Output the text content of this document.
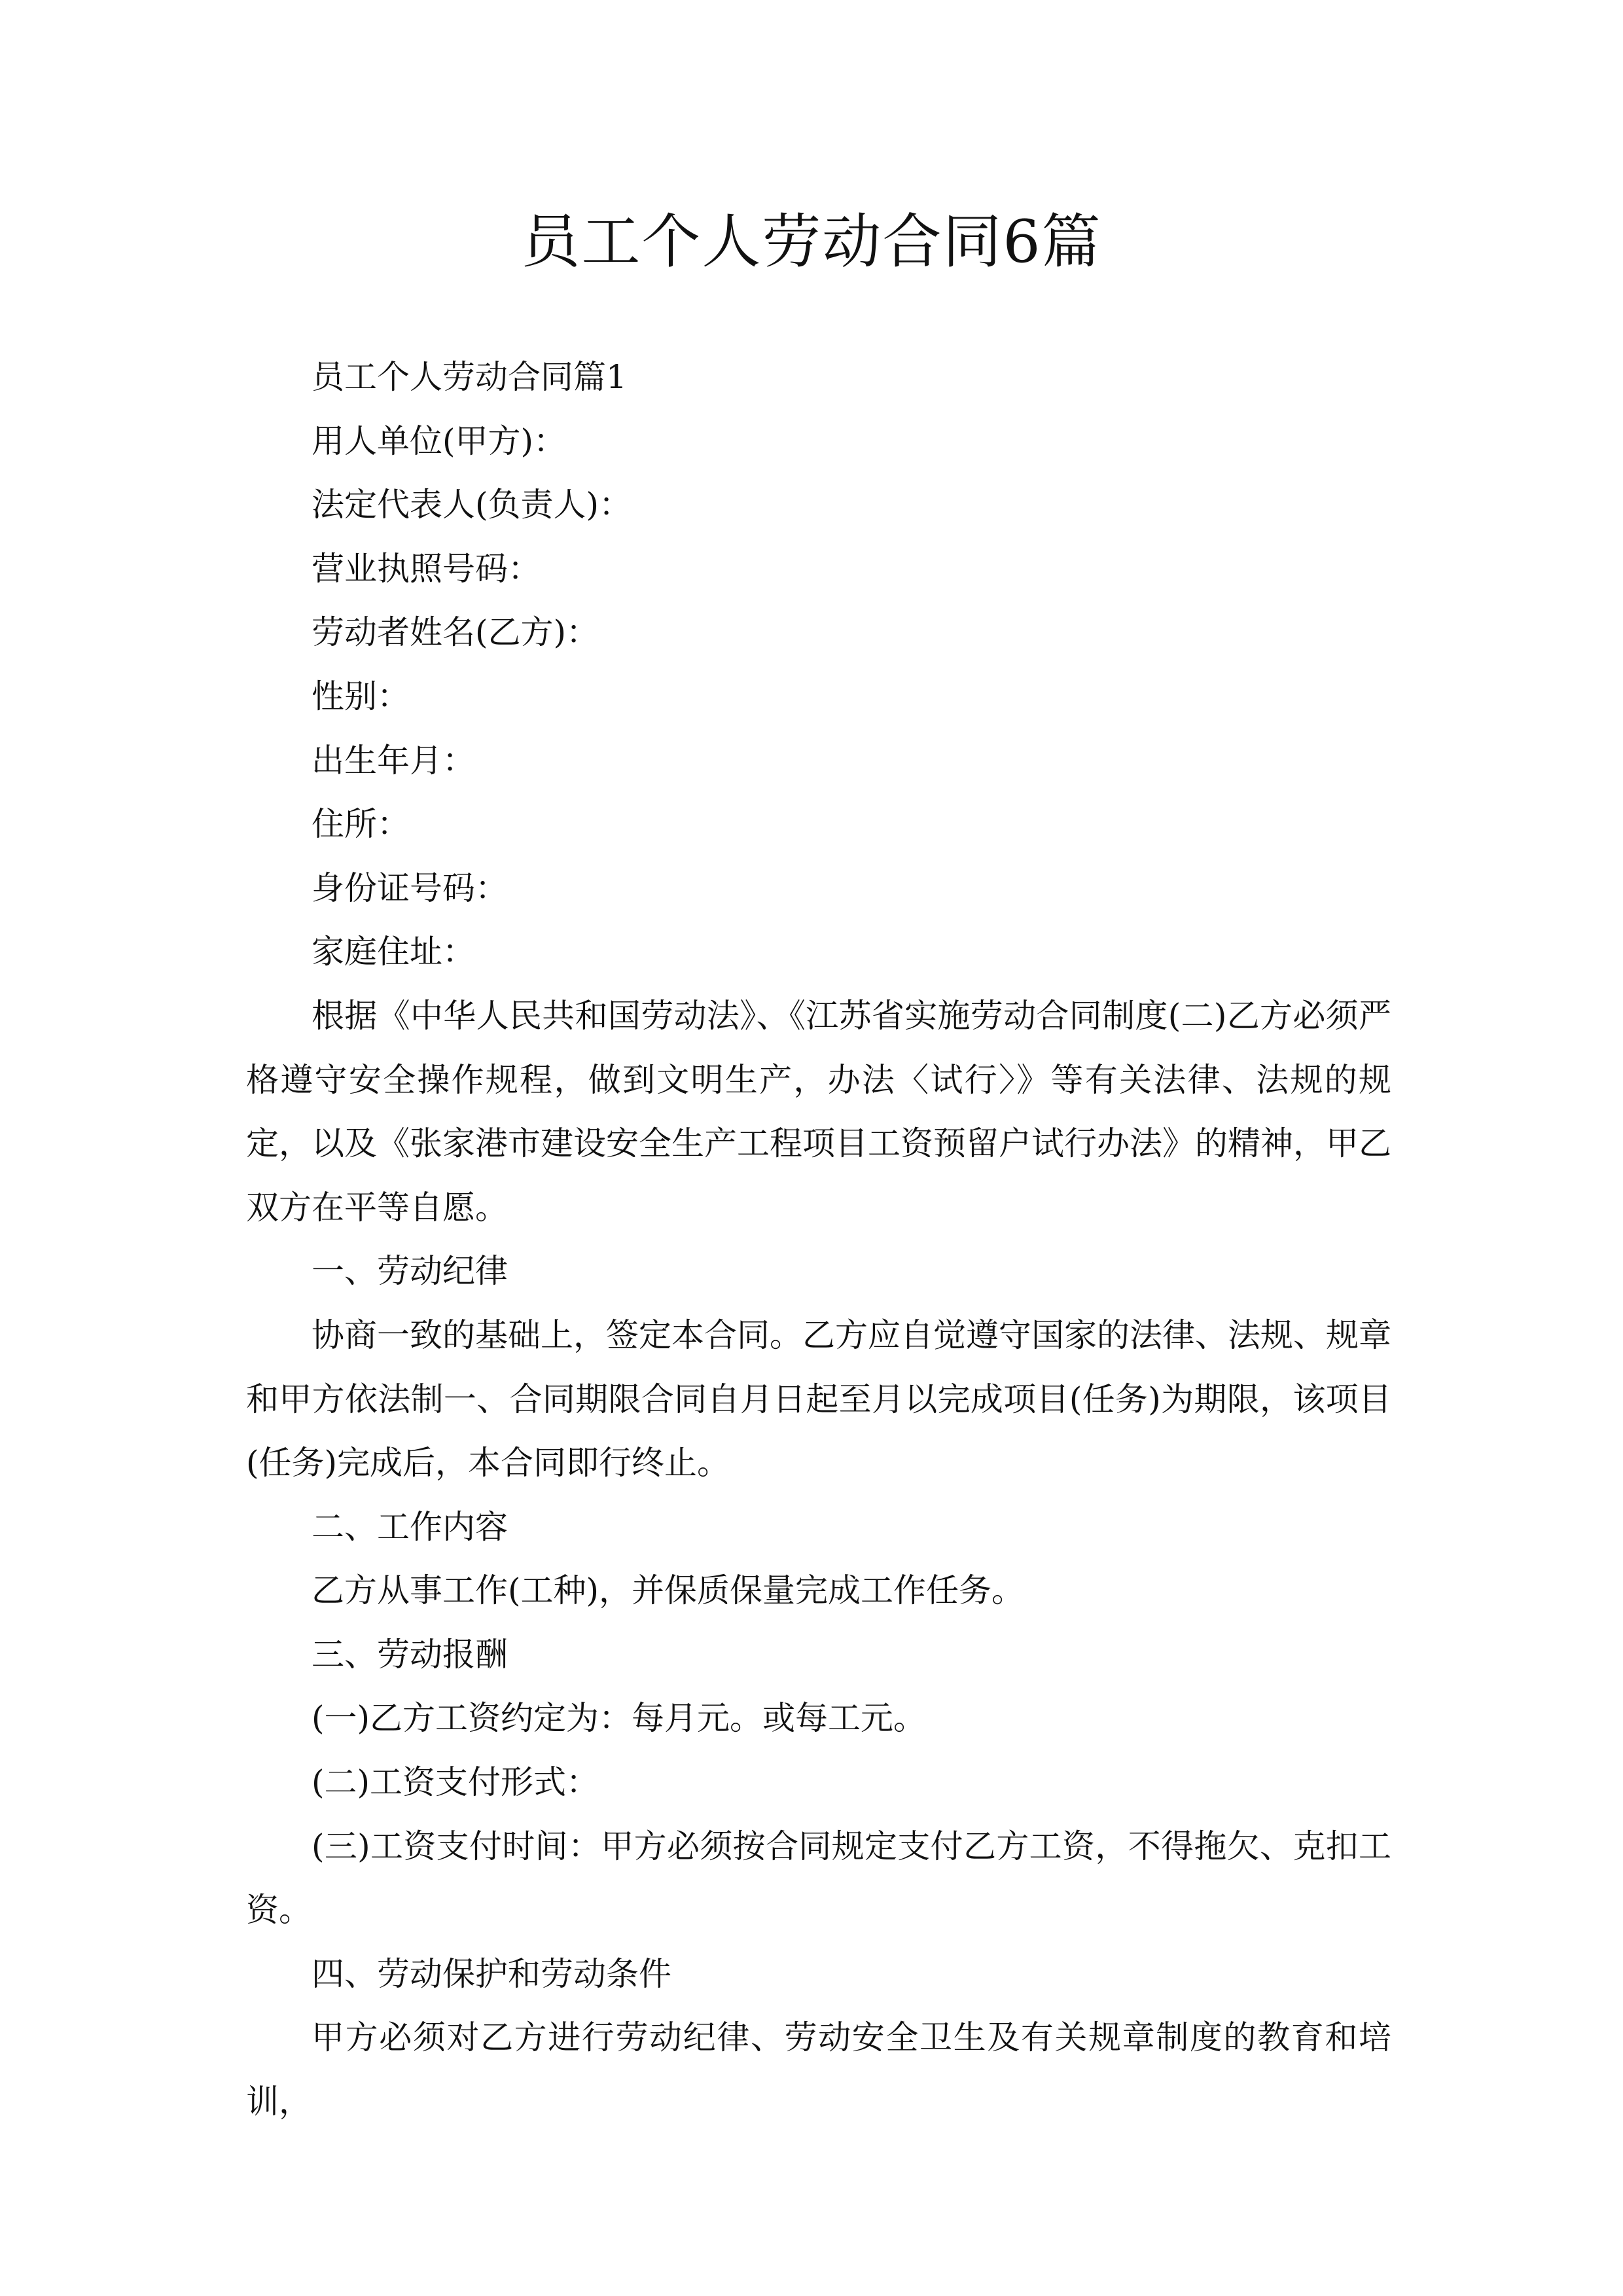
员工个人劳动合同6篇

员工个人劳动合同篇1

用人单位(甲方)：

法定代表人(负责人)：

营业执照号码：

劳动者姓名(乙方)：

性别：

出生年月：

住所：

身份证号码：

家庭住址：

根据《中华人民共和国劳动法》、《江苏省实施劳动合同制度(二)乙方必须严格遵守安全操作规程，做到文明生产，办法〈试行〉》等有关法律、法规的规定，以及《张家港市建设安全生产工程项目工资预留户试行办法》的精神，甲乙双方在平等自愿。

一、劳动纪律

协商一致的基础上，签定本合同。乙方应自觉遵守国家的法律、法规、规章和甲方依法制一、合同期限合同自月日起至月以完成项目(任务)为期限，该项目(任务)完成后，本合同即行终止。

二、工作内容

乙方从事工作(工种)，并保质保量完成工作任务。

三、劳动报酬

(一)乙方工资约定为：每月元。或每工元。

(二)工资支付形式：

(三)工资支付时间：甲方必须按合同规定支付乙方工资，不得拖欠、克扣工资。

四、劳动保护和劳动条件

甲方必须对乙方进行劳动纪律、劳动安全卫生及有关规章制度的教育和培训，
